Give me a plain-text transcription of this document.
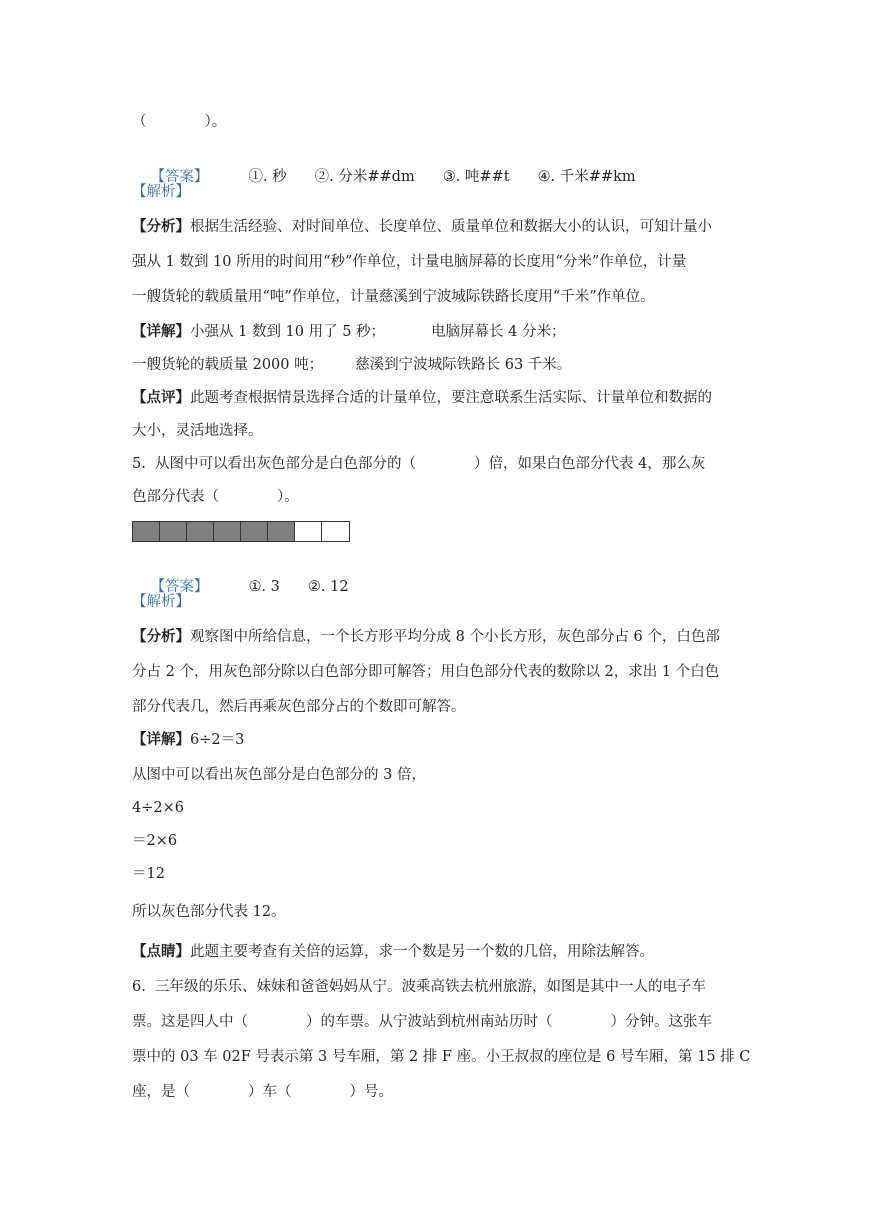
（　　　　）。

【答案】	①. 秒 ②. 分米##dm ③. 吨##t ④. 千米##km

【解析】
【分析】根据生活经验、对时间单位、长度单位、质量单位和数据大小的认识，可知计量小
强从 1 数到 10 所用的时间用“秒”作单位，计量电脑屏幕的长度用“分米”作单位，计量
一艘货轮的载质量用“吨”作单位，计量慈溪到宁波城际铁路长度用“千米”作单位。
【详解】小强从 1 数到 10 用了 5 秒；	电脑屏幕长 4 分米；
一艘货轮的载质量 2000 吨； 慈溪到宁波城际铁路长 63 千米。
【点评】此题考查根据情景选择合适的计量单位，要注意联系生活实际、计量单位和数据的
大小，灵活地选择。
5.  从图中可以看出灰色部分是白色部分的（　　　　）倍，如果白色部分代表 4，那么灰
色部分代表（　　　　）。

【答案】	①. 3 ②. 12

【解析】
【分析】观察图中所给信息，一个长方形平均分成 8 个小长方形，灰色部分占 6 个，白色部
分占 2 个，用灰色部分除以白色部分即可解答；用白色部分代表的数除以 2，求出 1 个白色
部分代表几，然后再乘灰色部分占的个数即可解答。
【详解】6÷2＝3
从图中可以看出灰色部分是白色部分的 3 倍，
4÷2×6
＝2×6
＝12
所以灰色部分代表 12。
【点睛】此题主要考查有关倍的运算，求一个数是另一个数的几倍，用除法解答。
6.  三年级的乐乐、妹妹和爸爸妈妈从宁。波乘高铁去杭州旅游，如图是其中一人的电子车
票。这是四人中（　　　　）的车票。从宁波站到杭州南站历时（　　　　）分钟。这张车
票中的 03 车 02F 号表示第 3 号车厢，第 2 排 F 座。小王叔叔的座位是 6 号车厢，第 15 排 C
座，是（　　　　）车（　　　　）号。
